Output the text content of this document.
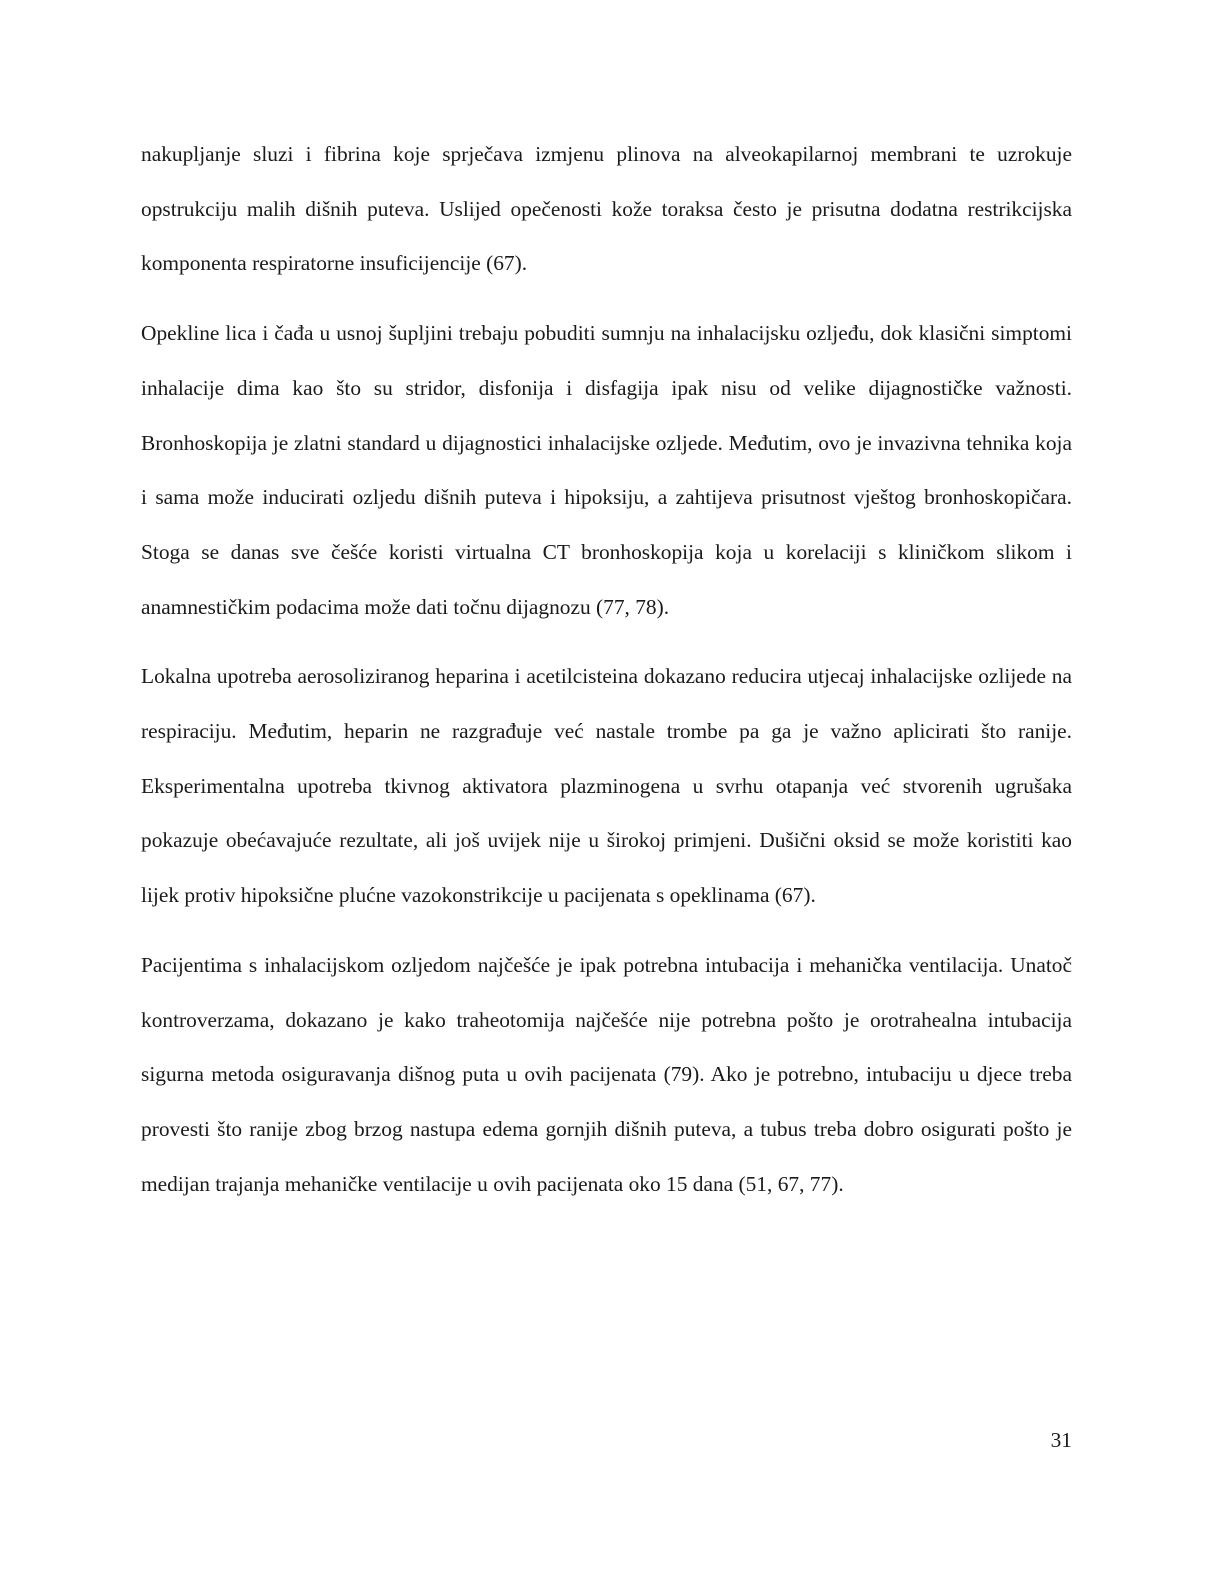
nakupljanje sluzi i fibrina koje sprječava izmjenu plinova na alveokapilarnoj membrani te uzrokuje opstrukciju malih dišnih puteva. Uslijed opečenosti kože toraksa često je prisutna dodatna restrikcijska komponenta respiratorne insuficijencije (67).

Opekline lica i čađa u usnoj šupljini trebaju pobuditi sumnju na inhalacijsku ozljeđu, dok klasični simptomi inhalacije dima kao što su stridor, disfonija i disfagija ipak nisu od velike dijagnostičke važnosti. Bronhoskopija je zlatni standard u dijagnostici inhalacijske ozljede. Međutim, ovo je invazivna tehnika koja i sama može inducirati ozljedu dišnih puteva i hipoksiju, a zahtijeva prisutnost vještog bronhoskopičara. Stoga se danas sve češće koristi virtualna CT bronhoskopija koja u korelaciji s kliničkom slikom i anamnestičkim podacima može dati točnu dijagnozu (77, 78).

Lokalna upotreba aerosoliziranog heparina i acetilcisteina dokazano reducira utjecaj inhalacijske ozlijede na respiraciju. Međutim, heparin ne razgrađuje već nastale trombe pa ga je važno aplicirati što ranije. Eksperimentalna upotreba tkivnog aktivatora plazminogena u svrhu otapanja već stvorenih ugrušaka pokazuje obećavajuće rezultate, ali još uvijek nije u širokoj primjeni. Dušični oksid se može koristiti kao lijek protiv hipoksične plućne vazokonstrikcije u pacijenata s opeklinama (67).

Pacijentima s inhalacijskom ozljedom najčešće je ipak potrebna intubacija i mehanička ventilacija. Unatoč kontroverzama, dokazano je kako traheotomija najčešće nije potrebna pošto je orotrahealna intubacija sigurna metoda osiguravanja dišnog puta u ovih pacijenata (79). Ako je potrebno, intubaciju u djece treba provesti što ranije zbog brzog nastupa edema gornjih dišnih puteva, a tubus treba dobro osigurati pošto je medijan trajanja mehaničke ventilacije u ovih pacijenata oko 15 dana (51, 67, 77).

31
